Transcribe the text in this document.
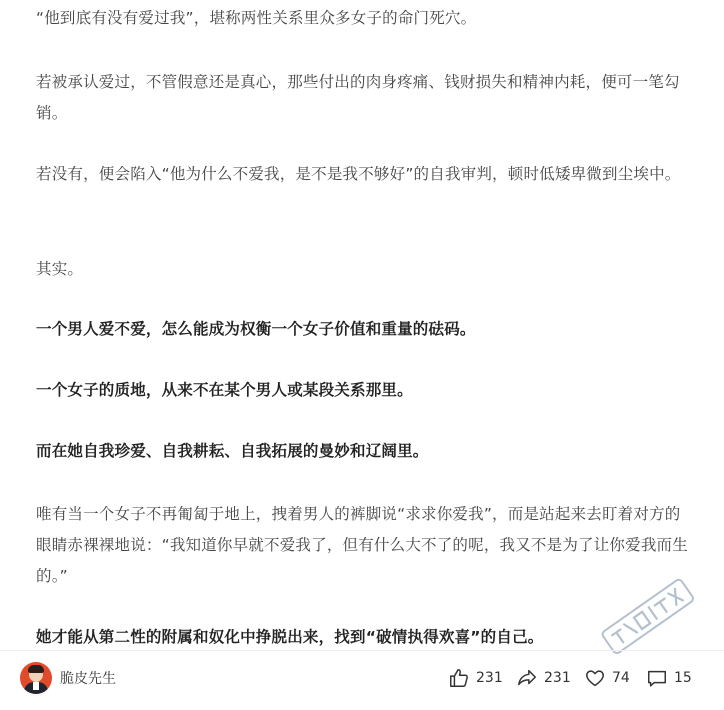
“他到底有没有爱过我”，堪称两性关系里众多女子的命门死穴。

若被承认爱过，不管假意还是真心，那些付出的肉身疼痛、钱财损失和精神内耗，便可一笔勾销。

若没有，便会陷入“他为什么不爱我，是不是我不够好”的自我审判，顿时低矮卑微到尘埃中。

其实。

一个男人爱不爱，怎么能成为权衡一个女子价值和重量的砝码。

一个女子的质地，从来不在某个男人或某段关系那里。

而在她自我珍爱、自我耕耘、自我拓展的曼妙和辽阔里。

唯有当一个女子不再匍匐于地上，拽着男人的裤脚说“求求你爱我”，而是站起来去盯着对方的眼睛赤裸裸地说：“我知道你早就不爱我了，但有什么大不了的呢，我又不是为了让你爱我而生的。”

她才能从第二性的附属和奴化中挣脱出来，找到“破情执得欢喜”的自己。

脆皮先生	231	231	74	15
